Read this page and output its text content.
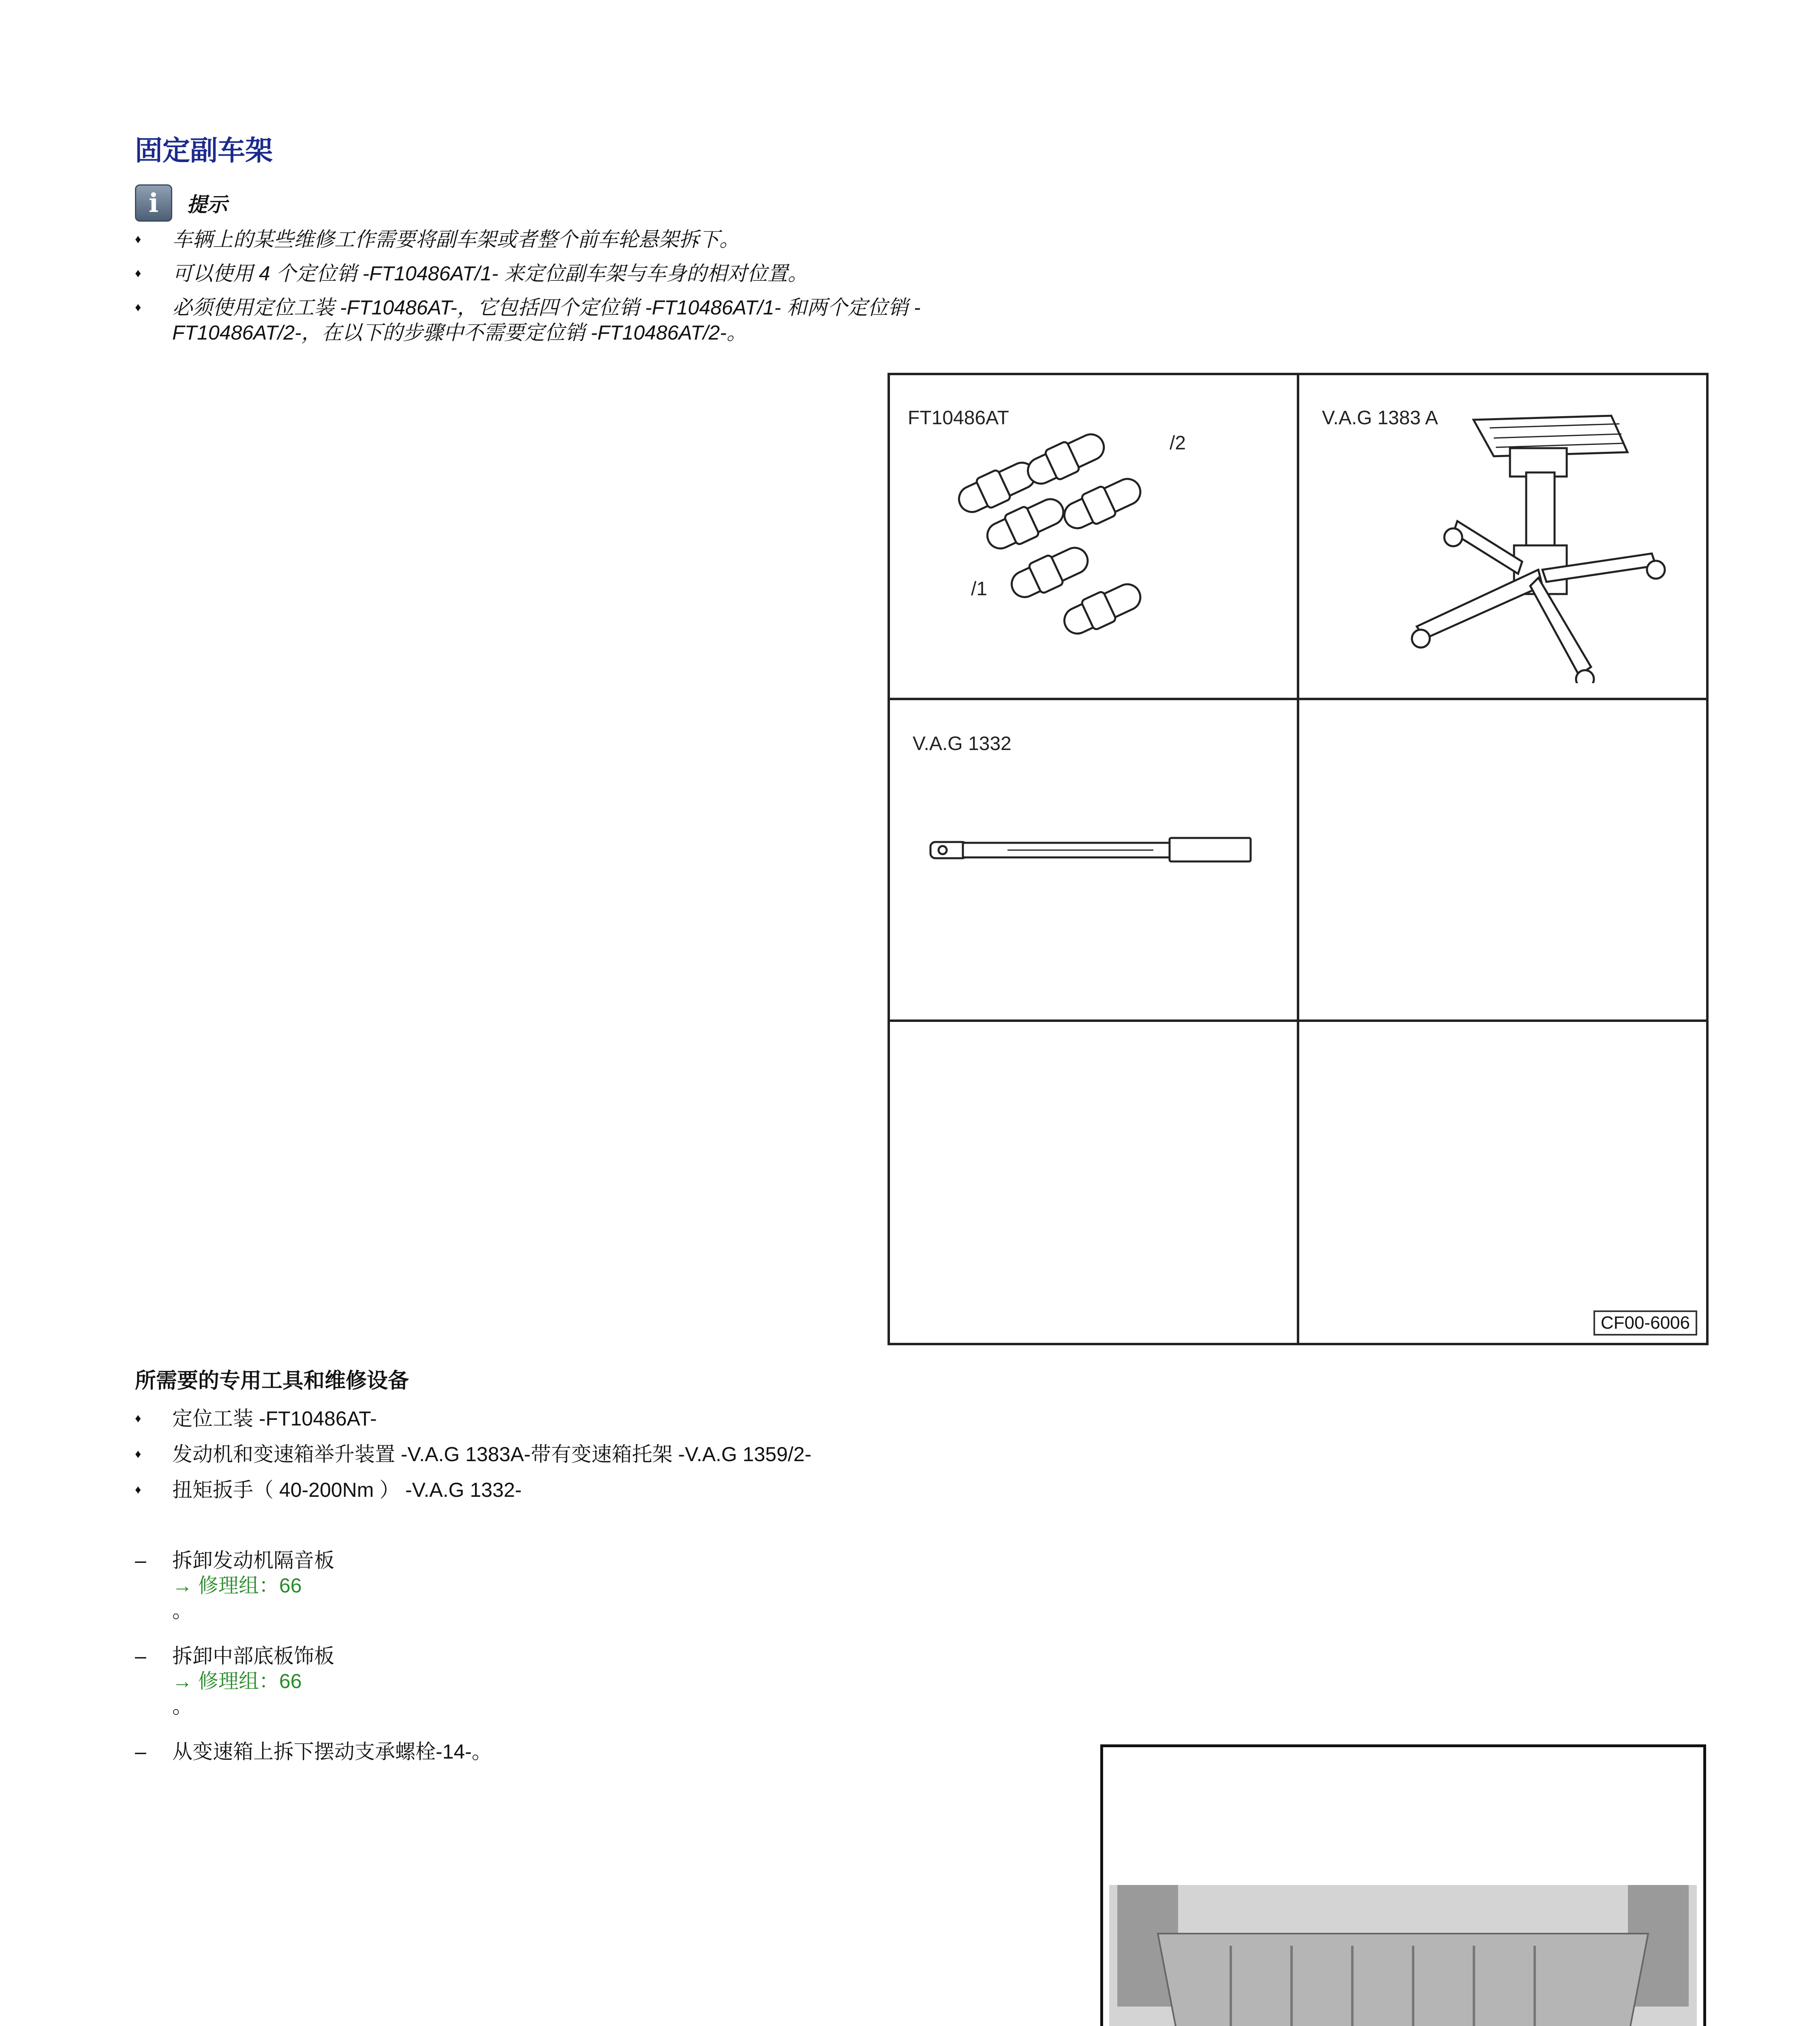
固定副车架
i	提示
♦ 车辆上的某些维修工作需要将副车架或者整个前车轮悬架拆下。
♦ 可以使用 4 个定位销 -FT10486AT/1- 来定位副车架与车身的相对位置。
♦ 必须使用定位工装 -FT10486AT-，它包括四个定位销 -FT10486AT/1- 和两个定位销 -FT10486AT/2-，在以下的步骤中不需要定位销 -FT10486AT/2-。
FT10486AT
/2
/1
V.A.G 1383 A
V.A.G 1332
CF00-6006
所需要的专用工具和维修设备
♦ 定位工装 -FT10486AT-
♦ 发动机和变速箱举升装置 -V.A.G 1383A-带有变速箱托架 -V.A.G 1359/2-
♦ 扭矩扳手（ 40-200Nm ） -V.A.G 1332-
– 拆卸发动机隔音板
→ 修理组：66
。
– 拆卸中部底板饰板
→ 修理组：66
。
– 从变速箱上拆下摆动支承螺栓-14-。
